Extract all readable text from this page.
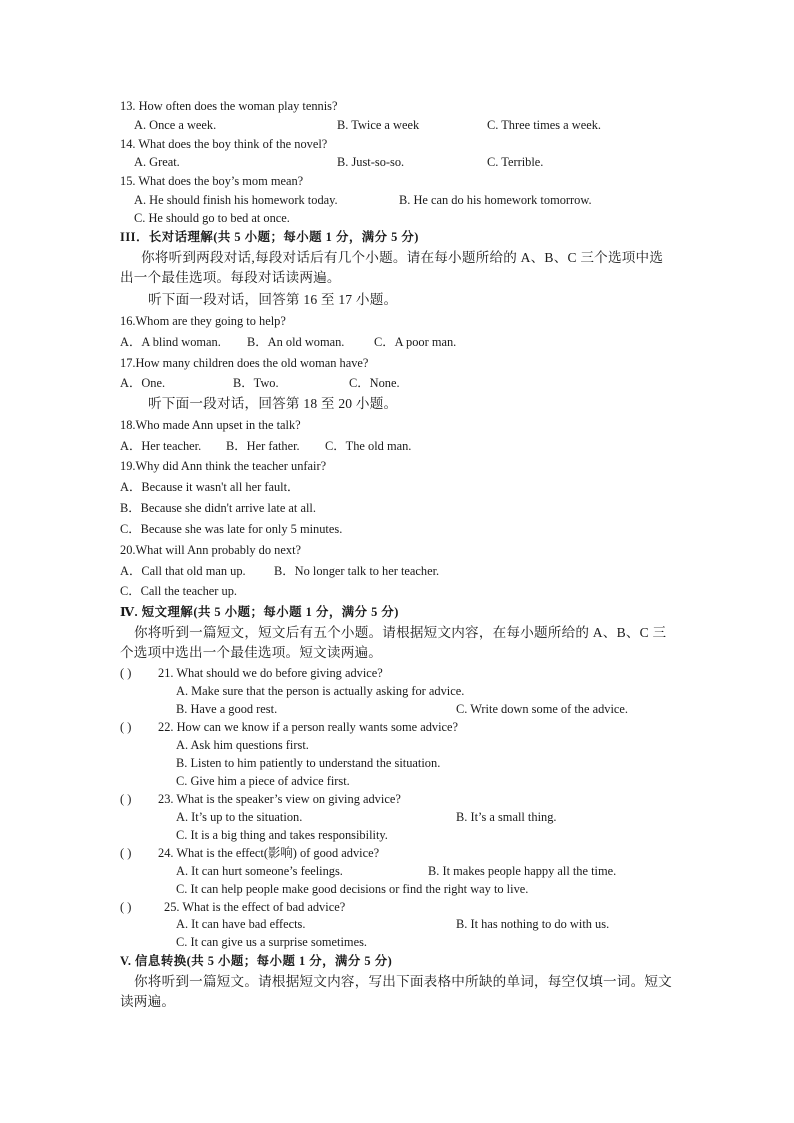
13. How often does the woman play tennis?
A. Once a week.	B. Twice a week	C. Three times a week.
14. What does the boy think of the novel?
A. Great.	B. Just-so-so.	C. Terrible.
15. What does the boy’s mom mean?
A. He should finish his homework today.	B. He can do his homework tomorrow.
C. He should go to bed at once.
III．长对话理解(共 5 小题；每小题 1 分，满分 5 分)
你将听到两段对话,每段对话后有几个小题。请在每小题所给的 A、B、C 三个选项中选
出一个最佳选项。每段对话读两遍。
听下面一段对话，回答第 16 至 17 小题。
16.Whom are they going to help?
A．A blind woman. B．An old woman. C．A poor man.
17.How many children does the old woman have?
A．One.	B．Two.	C．None.
听下面一段对话，回答第 18 至 20 小题。
18.Who made Ann upset in the talk?
A．Her teacher. B．Her father. C．The old man.
19.Why did Ann think the teacher unfair?
A．Because it wasn't all her fault．
B．Because she didn't arrive late at all.
C．Because she was late for only 5 minutes.
20.What will Ann probably do next?
A．Call that old man up. B．No longer talk to her teacher.
C．Call the teacher up.
Ⅳ. 短文理解(共 5 小题；每小题 1 分，满分 5 分)
你将听到一篇短文，短文后有五个小题。请根据短文内容，在每小题所给的 A、B、C 三
个选项中选出一个最佳选项。短文读两遍。
( ) 21. What should we do before giving advice?
A. Make sure that the person is actually asking for advice.
B. Have a good rest.	C. Write down some of the advice.
( ) 22. How can we know if a person really wants some advice?
A. Ask him questions first.
B. Listen to him patiently to understand the situation.
C. Give him a piece of advice first.
( ) 23. What is the speaker’s view on giving advice?
A. It’s up to the situation.	B. It’s a small thing.
C. It is a big thing and takes responsibility.
( ) 24. What is the effect(影响) of good advice?
A. It can hurt someone’s feelings.	B. It makes people happy all the time.
C. It can help people make good decisions or find the right way to live.
( )	25. What is the effect of bad advice?
A. It can have bad effects.	B. It has nothing to do with us.
C. It can give us a surprise sometimes.
V. 信息转换(共 5 小题；每小题 1 分，满分 5 分)
你将听到一篇短文。请根据短文内容，写出下面表格中所缺的单词，每空仅填一词。短文
读两遍。
